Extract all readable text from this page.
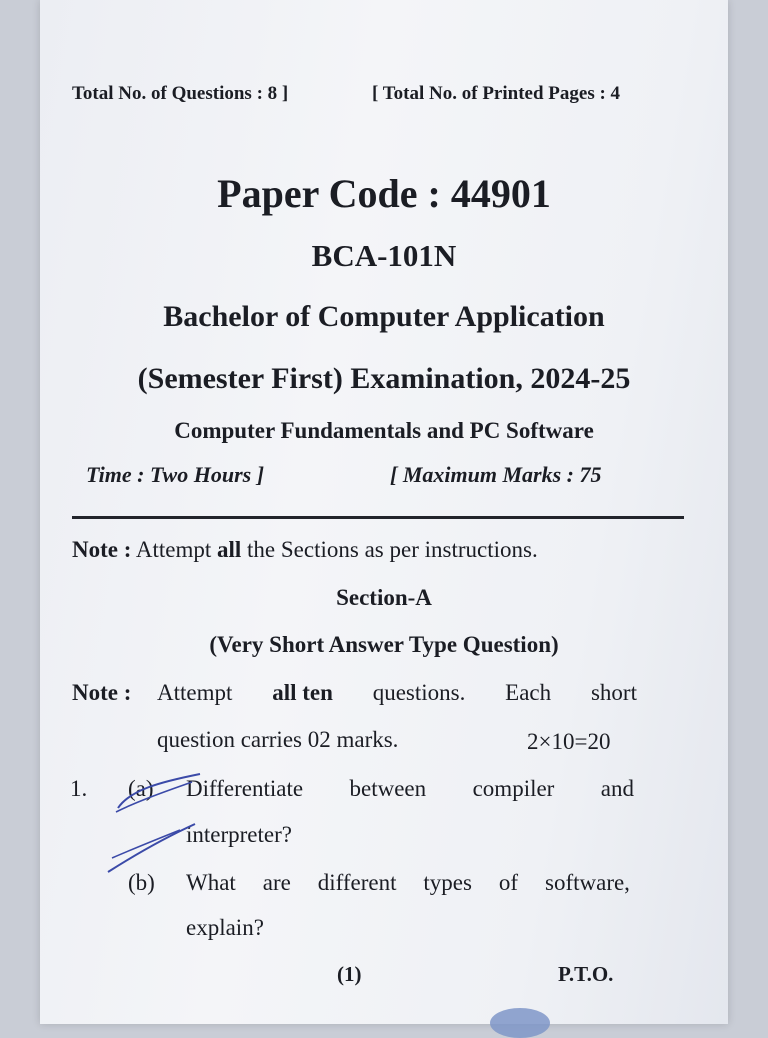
Total No. of Questions : 8 ]	[ Total No. of Printed Pages : 4
Paper Code : 44901
BCA-101N
Bachelor of Computer Application
(Semester First) Examination, 2024-25
Computer Fundamentals and PC Software
Time : Two Hours ]	[ Maximum Marks : 75
Note : Attempt all the Sections as per instructions.
Section-A
(Very Short Answer Type Question)
Note : Attempt all ten questions. Each short
question carries 02 marks.	2×10=20
1. (a) Differentiate between compiler and
interpreter?
(b) What are different types of software,
explain?
(1)	P.T.O.
